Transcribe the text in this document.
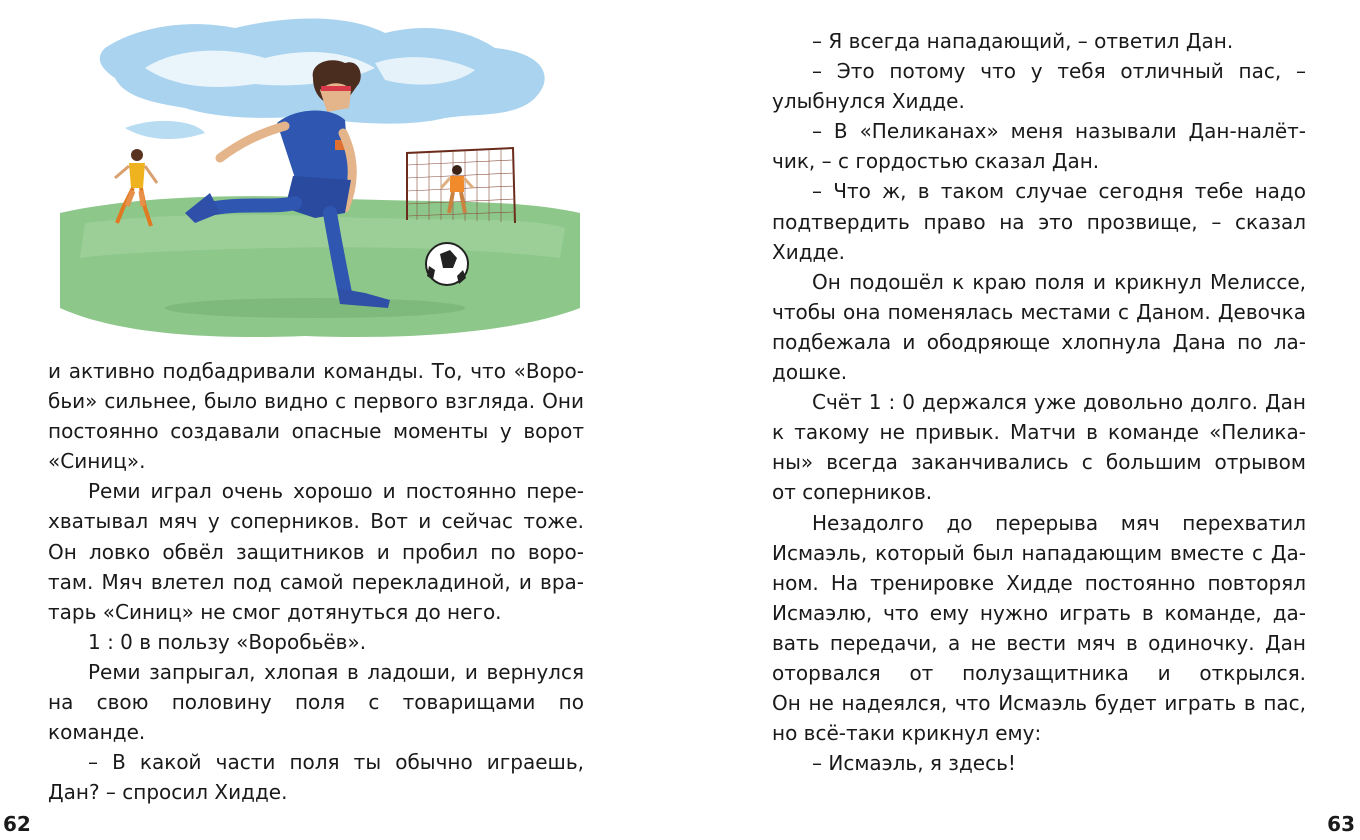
и активно подбадривали команды. То, что «Воро-

бьи» сильнее, было видно с первого взгляда. Они

постоянно создавали опасные моменты у ворот

«Синиц».

Реми играл очень хорошо и постоянно пере-

хватывал мяч у соперников. Вот и сейчас тоже.

Он ловко обвёл защитников и пробил по воро-

там. Мяч влетел под самой перекладиной, и вра-

тарь «Синиц» не смог дотянуться до него.

1 : 0 в пользу «Воробьёв».

Реми запрыгал, хлопая в ладоши, и вернулся

на свою половину поля с товарищами по команде.

– В какой части поля ты обычно играешь,

Дан? – спросил Хидде.

– Я всегда нападающий, – ответил Дан.

– Это потому что у тебя отличный пас, –

улыбнулся Хидде.

– В «Пеликанах» меня называли Дан-налёт-

чик, – с гордостью сказал Дан.

– Что ж, в таком случае сегодня тебе надо

подтвердить право на это прозвище, – сказал

Хидде.

Он подошёл к краю поля и крикнул Мелиссе,

чтобы она поменялась местами с Даном. Девочка

подбежала и ободряюще хлопнула Дана по ла-

дошке.

Счёт 1 : 0 держался уже довольно долго. Дан

к такому не привык. Матчи в команде «Пелика-

ны» всегда заканчивались с большим отрывом

от соперников.

Незадолго до перерыва мяч перехватил

Исмаэль, который был нападающим вместе с Да-

ном. На тренировке Хидде постоянно повторял

Исмаэлю, что ему нужно играть в команде, да-

вать передачи, а не вести мяч в одиночку. Дан

оторвался от полузащитника и открылся.

Он не надеялся, что Исмаэль будет играть в пас,

но всё-таки крикнул ему:

– Исмаэль, я здесь!

62	63
